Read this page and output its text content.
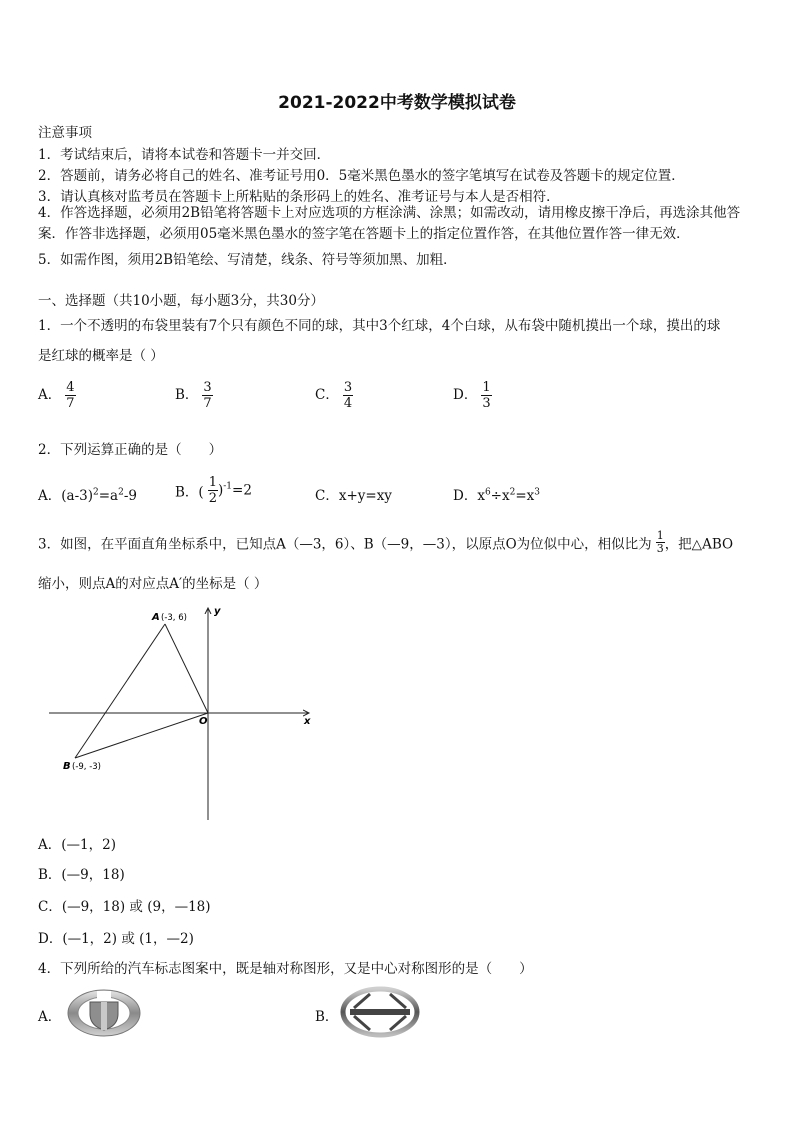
2021-2022中考数学模拟试卷
注意事项
1．考试结束后，请将本试卷和答题卡一并交回．
2．答题前，请务必将自己的姓名、准考证号用0．5毫米黑色墨水的签字笔填写在试卷及答题卡的规定位置．
3．请认真核对监考员在答题卡上所粘贴的条形码上的姓名、准考证号与本人是否相符．
4．作答选择题，必须用2B铅笔将答题卡上对应选项的方框涂满、涂黑；如需改动，请用橡皮擦干净后，再选涂其他答案．作答非选择题，必须用05毫米黑色墨水的签字笔在答题卡上的指定位置作答，在其他位置作答一律无效．
5．如需作图，须用2B铅笔绘、写清楚，线条、符号等须加黑、加粗．
一、选择题（共10小题，每小题3分，共30分）
1．一个不透明的布袋里装有7个只有颜色不同的球，其中3个红球，4个白球，从布袋中随机摸出一个球，摸出的球
是红球的概率是（ ）
A． $\frac{4}{7}$	B． $\frac{3}{7}$	C． $\frac{3}{4}$	D． $\frac{1}{3}$
2．下列运算正确的是（　　）
A．$(a-3)^2=a^2-9$	B．( $\frac{1}{2} )^{-1}=2$	C．x+y=xy	D．$x^6\div x^2=x^3$
3．如图，在平面直角坐标系中，已知点A（—3，6）、B（—9，—3），以原点O为位似中心，相似比为 $\frac{1}{3}$ ，把△ABO
缩小，则点A的对应点A′的坐标是（ ）
A (-3, 6)
B (-9, -3)
O	x
y
A．(—1，2)
B．(—9，18)
C．(—9，18) 或 (9，—18)
D．(—1，2) 或 (1，—2)
4．下列所给的汽车标志图案中，既是轴对称图形，又是中心对称图形的是（　　）
A．	B．
